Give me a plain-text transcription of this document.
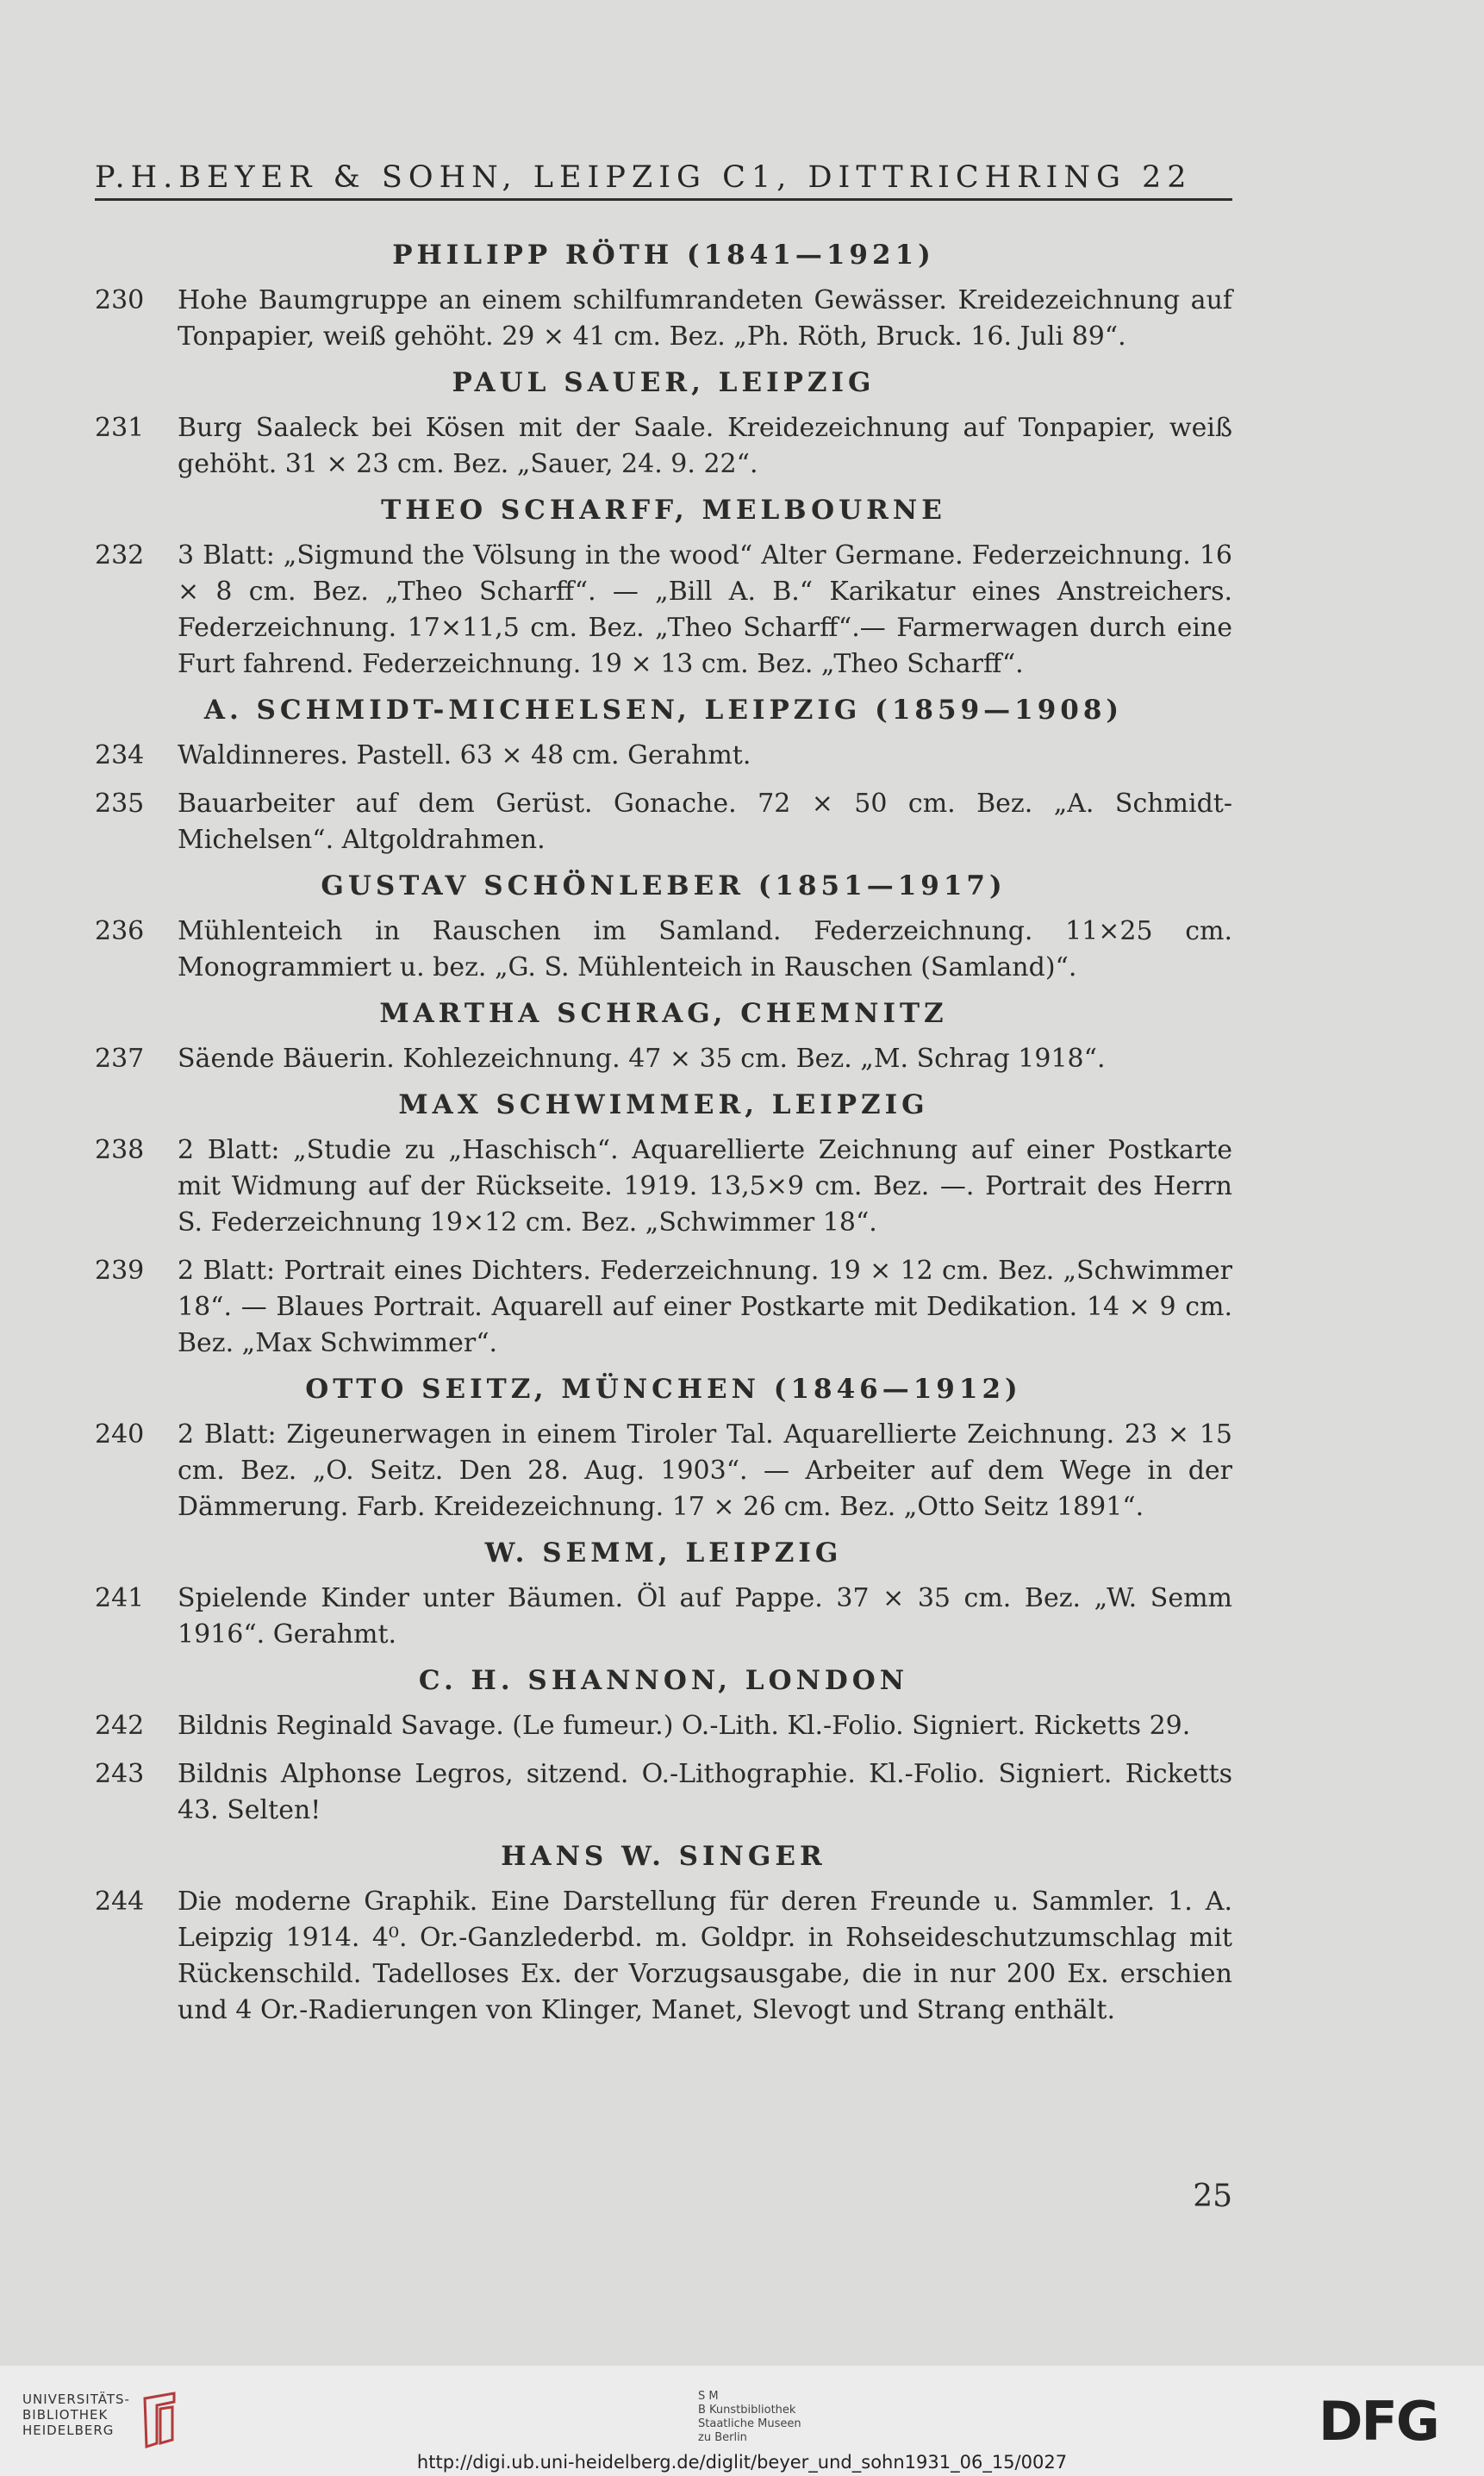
P.H.BEYER & SOHN, LEIPZIG C1, DITTRICHRING 22
PHILIPP RÖTH (1841—1921)
230	Hohe Baumgruppe an einem schilfumrandeten Gewässer. Kreidezeichnung auf Tonpapier, weiß gehöht. 29 × 41 cm. Bez. „Ph. Röth, Bruck. 16. Juli 89“.
PAUL SAUER, LEIPZIG
231	Burg Saaleck bei Kösen mit der Saale. Kreidezeichnung auf Tonpapier, weiß gehöht. 31 × 23 cm. Bez. „Sauer, 24. 9. 22“.
THEO SCHARFF, MELBOURNE
232	3 Blatt: „Sigmund the Völsung in the wood“ Alter Germane. Federzeichnung. 16 × 8 cm. Bez. „Theo Scharff“. — „Bill A. B.“ Karikatur eines Anstreichers. Federzeichnung. 17×11,5 cm. Bez. „Theo Scharff“.— Farmerwagen durch eine Furt fahrend. Federzeichnung. 19 × 13 cm. Bez. „Theo Scharff“.
A. SCHMIDT-MICHELSEN, LEIPZIG (1859—1908)
234	Waldinneres. Pastell. 63 × 48 cm. Gerahmt.
235	Bauarbeiter auf dem Gerüst. Gonache. 72 × 50 cm. Bez. „A. Schmidt-Michelsen“. Altgoldrahmen.
GUSTAV SCHÖNLEBER (1851—1917)
236	Mühlenteich in Rauschen im Samland. Federzeichnung. 11×25 cm. Monogrammiert u. bez. „G. S. Mühlenteich in Rauschen (Samland)“.
MARTHA SCHRAG, CHEMNITZ
237	Säende Bäuerin. Kohlezeichnung. 47 × 35 cm. Bez. „M. Schrag 1918“.
MAX SCHWIMMER, LEIPZIG
238	2 Blatt: „Studie zu „Haschisch“. Aquarellierte Zeichnung auf einer Postkarte mit Widmung auf der Rückseite. 1919. 13,5×9 cm. Bez. —. Portrait des Herrn S. Federzeichnung 19×12 cm. Bez. „Schwimmer 18“.
239	2 Blatt: Portrait eines Dichters. Federzeichnung. 19 × 12 cm. Bez. „Schwimmer 18“. — Blaues Portrait. Aquarell auf einer Postkarte mit Dedikation. 14 × 9 cm. Bez. „Max Schwimmer“.
OTTO SEITZ, MÜNCHEN (1846—1912)
240	2 Blatt: Zigeunerwagen in einem Tiroler Tal. Aquarellierte Zeichnung. 23 × 15 cm. Bez. „O. Seitz. Den 28. Aug. 1903“. — Arbeiter auf dem Wege in der Dämmerung. Farb. Kreidezeichnung. 17 × 26 cm. Bez. „Otto Seitz 1891“.
W. SEMM, LEIPZIG
241	Spielende Kinder unter Bäumen. Öl auf Pappe. 37 × 35 cm. Bez. „W. Semm 1916“. Gerahmt.
C. H. SHANNON, LONDON
242	Bildnis Reginald Savage. (Le fumeur.) O.-Lith. Kl.-Folio. Signiert. Ricketts 29.
243	Bildnis Alphonse Legros, sitzend. O.-Lithographie. Kl.-Folio. Signiert. Ricketts 43. Selten!
HANS W. SINGER
244	Die moderne Graphik. Eine Darstellung für deren Freunde u. Sammler. 1. A. Leipzig 1914. 4⁰. Or.-Ganzlederbd. m. Goldpr. in Rohseideschutzumschlag mit Rückenschild. Tadelloses Ex. der Vorzugsausgabe, die in nur 200 Ex. erschien und 4 Or.-Radierungen von Klinger, Manet, Slevogt und Strang enthält.
25
UNIVERSITÄTS-
BIBLIOTHEK
HEIDELBERG
S M
B Kunstbibliothek
Staatliche Museen
zu Berlin	DFG
http://digi.ub.uni-heidelberg.de/diglit/beyer_und_sohn1931_06_15/0027
